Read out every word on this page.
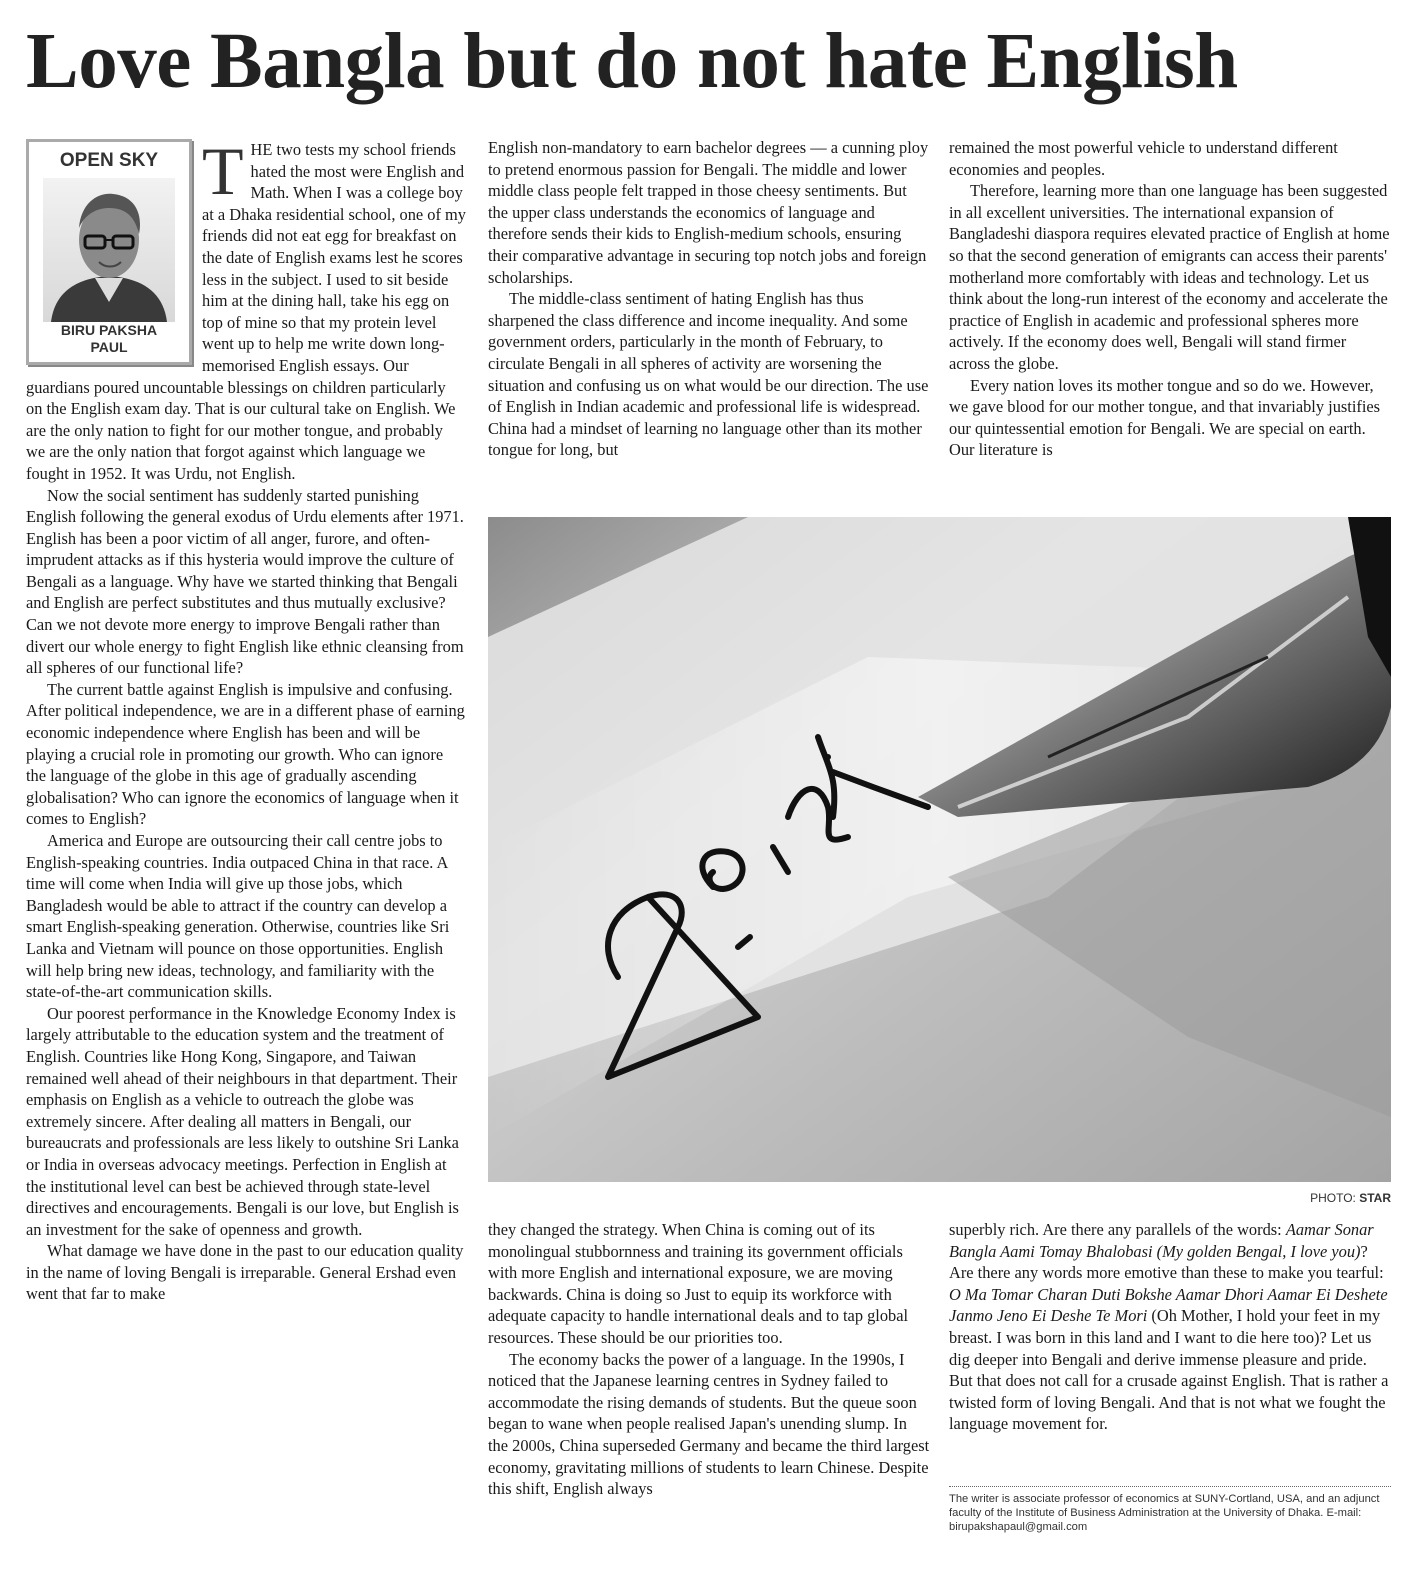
Love Bangla but do not hate English
OPEN SKY
BIRU PAKSHA
PAUL

THE two tests my school friends hated the most were English and Math. When I was a college boy at a Dhaka residential school, one of my friends did not eat egg for breakfast on the date of English exams lest he scores less in the subject. I used to sit beside him at the dining hall, take his egg on top of mine so that my protein level went up to help me write down long-memorised English essays. Our guardians poured uncountable blessings on children particularly on the English exam day. That is our cultural take on English. We are the only nation to fight for our mother tongue, and probably we are the only nation that forgot against which language we fought in 1952. It was Urdu, not English.

Now the social sentiment has suddenly started punishing English following the general exodus of Urdu elements after 1971. English has been a poor victim of all anger, furore, and often-imprudent attacks as if this hysteria would improve the culture of Bengali as a language. Why have we started thinking that Bengali and English are perfect substitutes and thus mutually exclusive? Can we not devote more energy to improve Bengali rather than divert our whole energy to fight English like ethnic cleansing from all spheres of our functional life?

The current battle against English is impulsive and confusing. After political independence, we are in a different phase of earning economic independence where English has been and will be playing a crucial role in promoting our growth. Who can ignore the language of the globe in this age of gradually ascending globalisation? Who can ignore the economics of language when it comes to English?

America and Europe are outsourcing their call centre jobs to English-speaking countries. India outpaced China in that race. A time will come when India will give up those jobs, which Bangladesh would be able to attract if the country can develop a smart English-speaking generation. Otherwise, countries like Sri Lanka and Vietnam will pounce on those opportunities. English will help bring new ideas, technology, and familiarity with the state-of-the-art communication skills.

Our poorest performance in the Knowledge Economy Index is largely attributable to the education system and the treatment of English. Countries like Hong Kong, Singapore, and Taiwan remained well ahead of their neighbours in that department. Their emphasis on English as a vehicle to outreach the globe was extremely sincere. After dealing all matters in Bengali, our bureaucrats and professionals are less likely to outshine Sri Lanka or India in overseas advocacy meetings. Perfection in English at the institutional level can best be achieved through state-level directives and encouragements. Bengali is our love, but English is an investment for the sake of openness and growth.

What damage we have done in the past to our education quality in the name of loving Bengali is irreparable. General Ershad even went that far to make

English non-mandatory to earn bachelor degrees — a cunning ploy to pretend enormous passion for Bengali. The middle and lower middle class people felt trapped in those cheesy sentiments. But the upper class understands the economics of language and therefore sends their kids to English-medium schools, ensuring their comparative advantage in securing top notch jobs and foreign scholarships.

The middle-class sentiment of hating English has thus sharpened the class difference and income inequality. And some government orders, particularly in the month of February, to circulate Bengali in all spheres of activity are worsening the situation and confusing us on what would be our direction. The use of English in Indian academic and professional life is widespread. China had a mindset of learning no language other than its mother tongue for long, but

remained the most powerful vehicle to understand different economies and peoples.

Therefore, learning more than one language has been suggested in all excellent universities. The international expansion of Bangladeshi diaspora requires elevated practice of English at home so that the second generation of emigrants can access their parents' motherland more comfortably with ideas and technology. Let us think about the long-run interest of the economy and accelerate the practice of English in academic and professional spheres more actively. If the economy does well, Bengali will stand firmer across the globe.

Every nation loves its mother tongue and so do we. However, we gave blood for our mother tongue, and that invariably justifies our quintessential emotion for Bengali. We are special on earth. Our literature is

PHOTO: STAR

they changed the strategy. When China is coming out of its monolingual stubbornness and training its government officials with more English and international exposure, we are moving backwards. China is doing so Just to equip its workforce with adequate capacity to handle international deals and to tap global resources. These should be our priorities too.

The economy backs the power of a language. In the 1990s, I noticed that the Japanese learning centres in Sydney failed to accommodate the rising demands of students. But the queue soon began to wane when people realised Japan's unending slump. In the 2000s, China superseded Germany and became the third largest economy, gravitating millions of students to learn Chinese. Despite this shift, English always

superbly rich. Are there any parallels of the words: Aamar Sonar Bangla Aami Tomay Bhalobasi (My golden Bengal, I love you)? Are there any words more emotive than these to make you tearful: O Ma Tomar Charan Duti Bokshe Aamar Dhori Aamar Ei Deshete Janmo Jeno Ei Deshe Te Mori (Oh Mother, I hold your feet in my breast. I was born in this land and I want to die here too)? Let us dig deeper into Bengali and derive immense pleasure and pride. But that does not call for a crusade against English. That is rather a twisted form of loving Bengali. And that is not what we fought the language movement for.

The writer is associate professor of economics at SUNY-Cortland, USA, and an adjunct faculty of the Institute of Business Administration at the University of Dhaka. E-mail: birupakshapaul@gmail.com
